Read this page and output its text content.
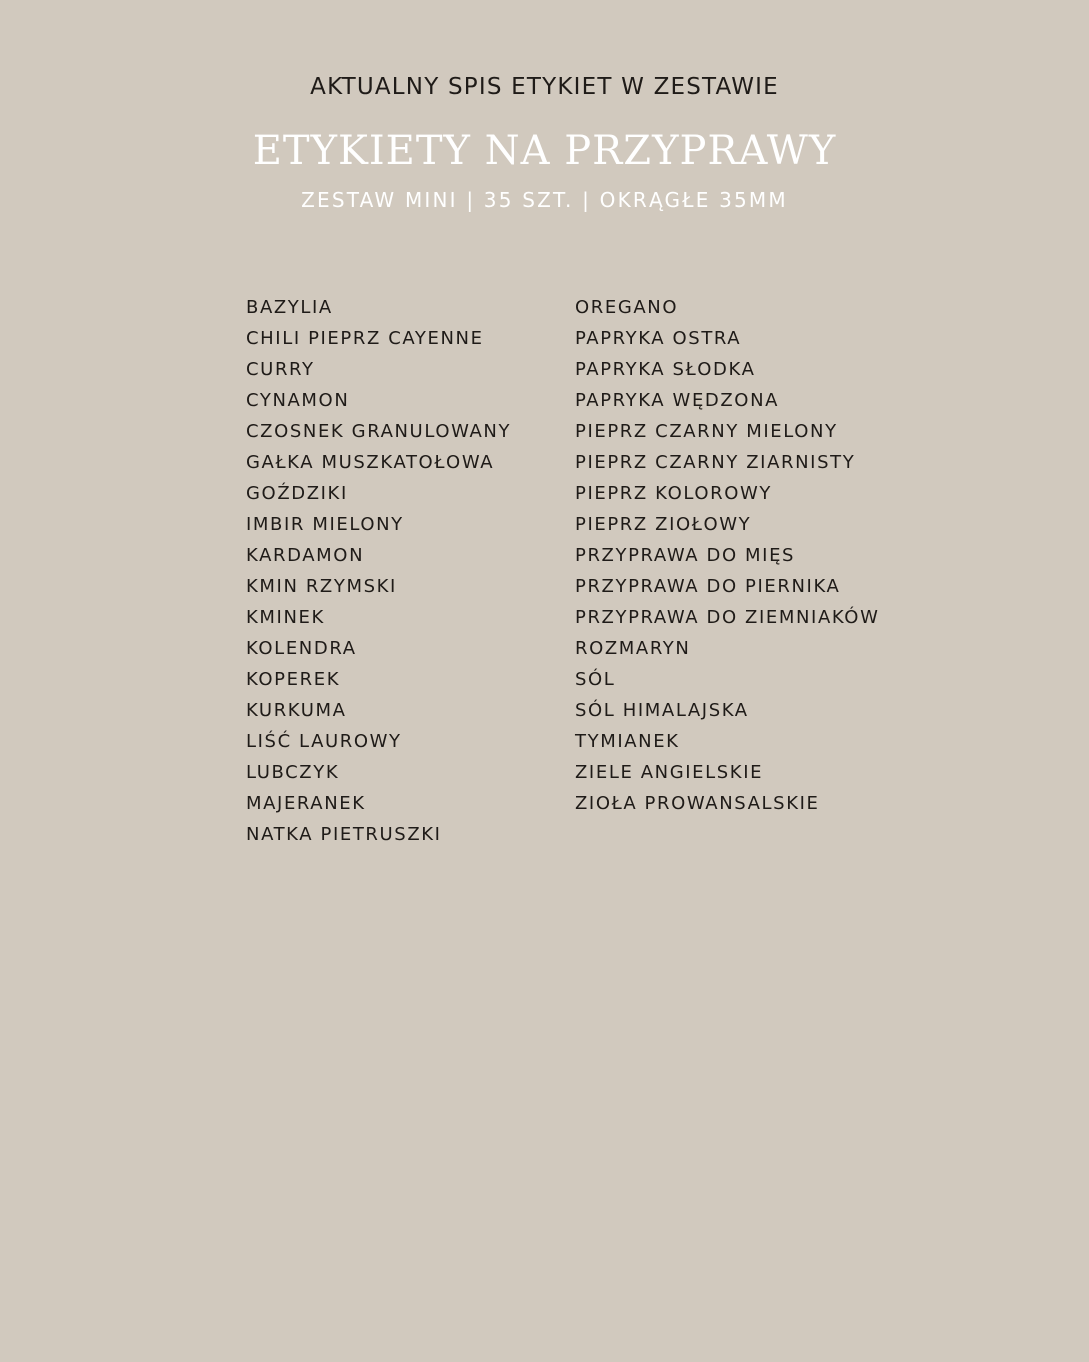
AKTUALNY SPIS ETYKIET W ZESTAWIE
ETYKIETY NA PRZYPRAWY
ZESTAW MINI | 35 SZT. | OKRĄGŁE 35MM
BAZYLIA
CHILI PIEPRZ CAYENNE
CURRY
CYNAMON
CZOSNEK GRANULOWANY
GAŁKA MUSZKATOŁOWA
GOŹDZIKI
IMBIR MIELONY
KARDAMON
KMIN RZYMSKI
KMINEK
KOLENDRA
KOPEREK
KURKUMA
LIŚĆ LAUROWY
LUBCZYK
MAJERANEK
NATKA PIETRUSZKI
OREGANO
PAPRYKA OSTRA
PAPRYKA SŁODKA
PAPRYKA WĘDZONA
PIEPRZ CZARNY MIELONY
PIEPRZ CZARNY ZIARNISTY
PIEPRZ KOLOROWY
PIEPRZ ZIOŁOWY
PRZYPRAWA DO MIĘS
PRZYPRAWA DO PIERNIKA
PRZYPRAWA DO ZIEMNIAKÓW
ROZMARYN
SÓL
SÓL HIMALAJSKA
TYMIANEK
ZIELE ANGIELSKIE
ZIOŁA PROWANSALSKIE
